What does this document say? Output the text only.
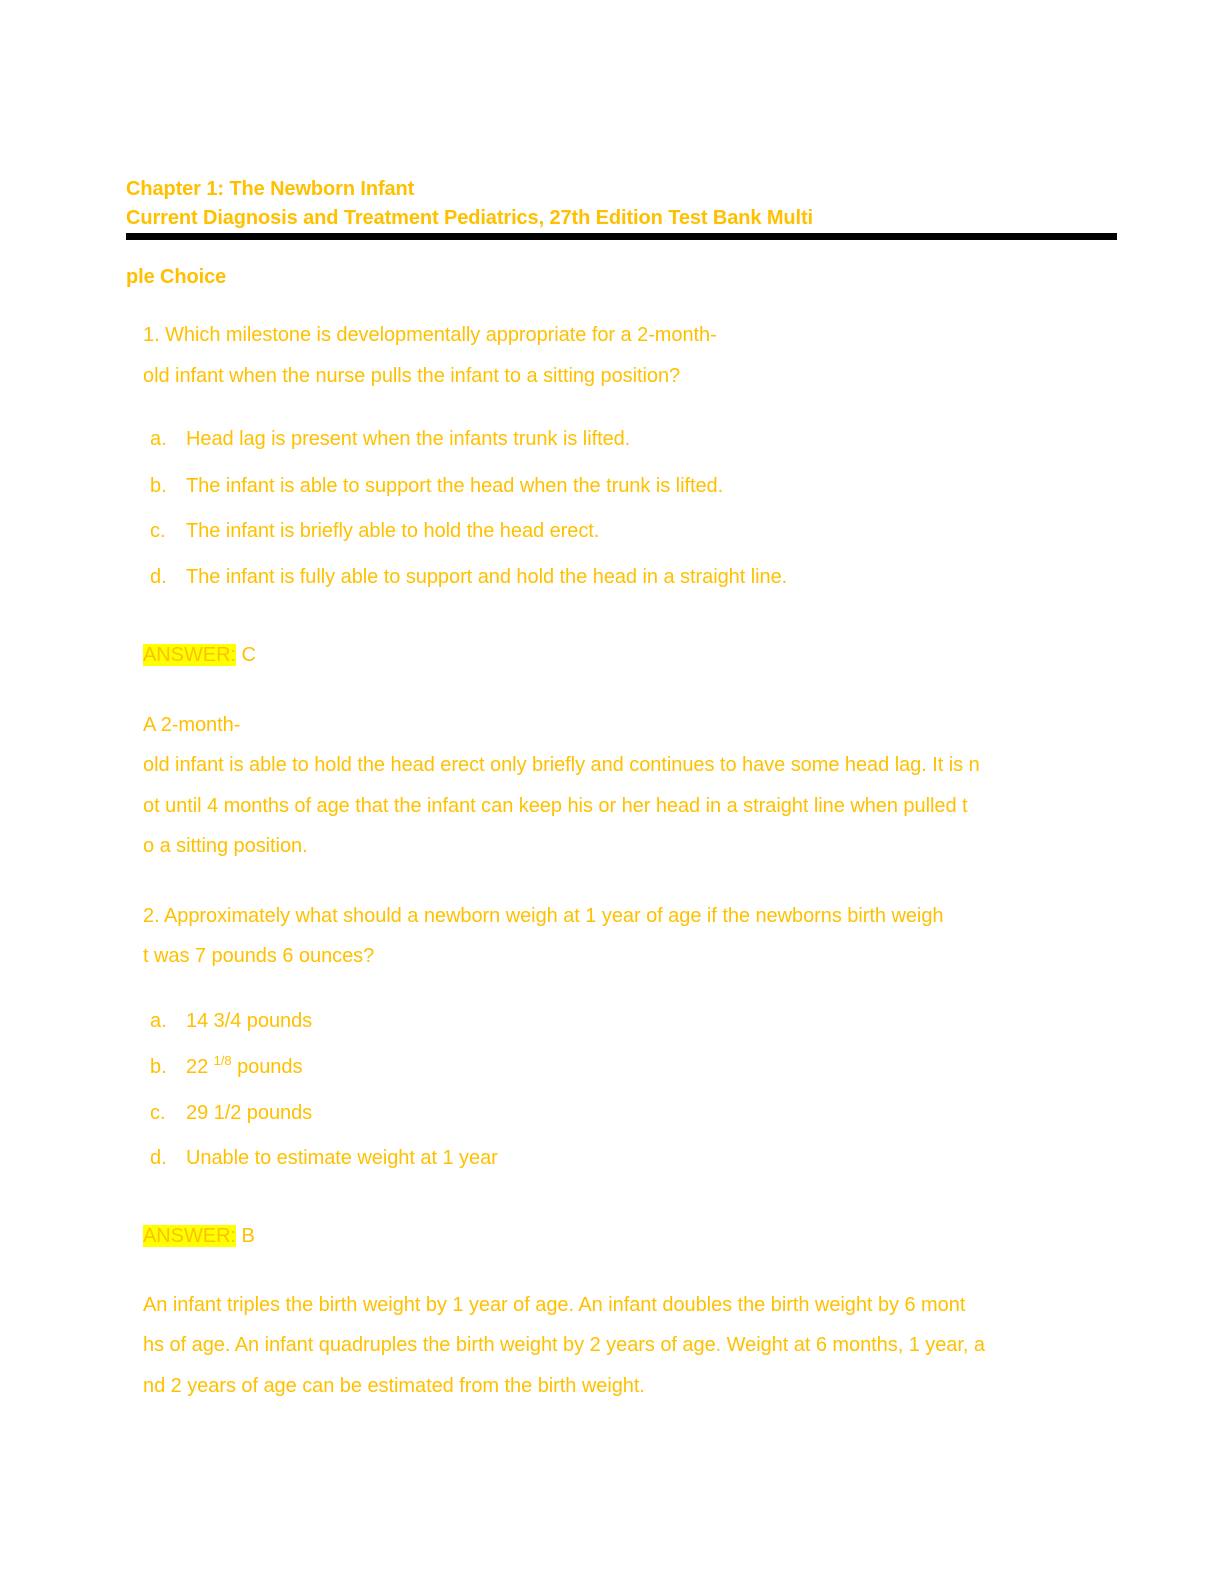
Chapter 1: The Newborn Infant
Current Diagnosis and Treatment Pediatrics, 27th Edition Test Bank Multi
ple Choice
1. Which milestone is developmentally appropriate for a 2-month-
old infant when the nurse pulls the infant to a sitting position?
a. Head lag is present when the infants trunk is lifted.
b. The infant is able to support the head when the trunk is lifted.
c.	The infant is briefly able to hold the head erect.
d. The infant is fully able to support and hold the head in a straight line.
ANSWER: C
A 2-month-
old infant is able to hold the head erect only briefly and continues to have some head lag. It is n
ot until 4 months of age that the infant can keep his or her head in a straight line when pulled t
o a sitting position.
2. Approximately what should a newborn weigh at 1 year of age if the newborns birth weigh
t was 7 pounds 6 ounces?
a. 14 3/4 pounds
b. 22 $^{1/8}$ pounds
c.	29 1/2 pounds
d. Unable to estimate weight at 1 year
ANSWER: B
An infant triples the birth weight by 1 year of age. An infant doubles the birth weight by 6 mont
hs of age. An infant quadruples the birth weight by 2 years of age. Weight at 6 months, 1 year, a
nd 2 years of age can be estimated from the birth weight.
